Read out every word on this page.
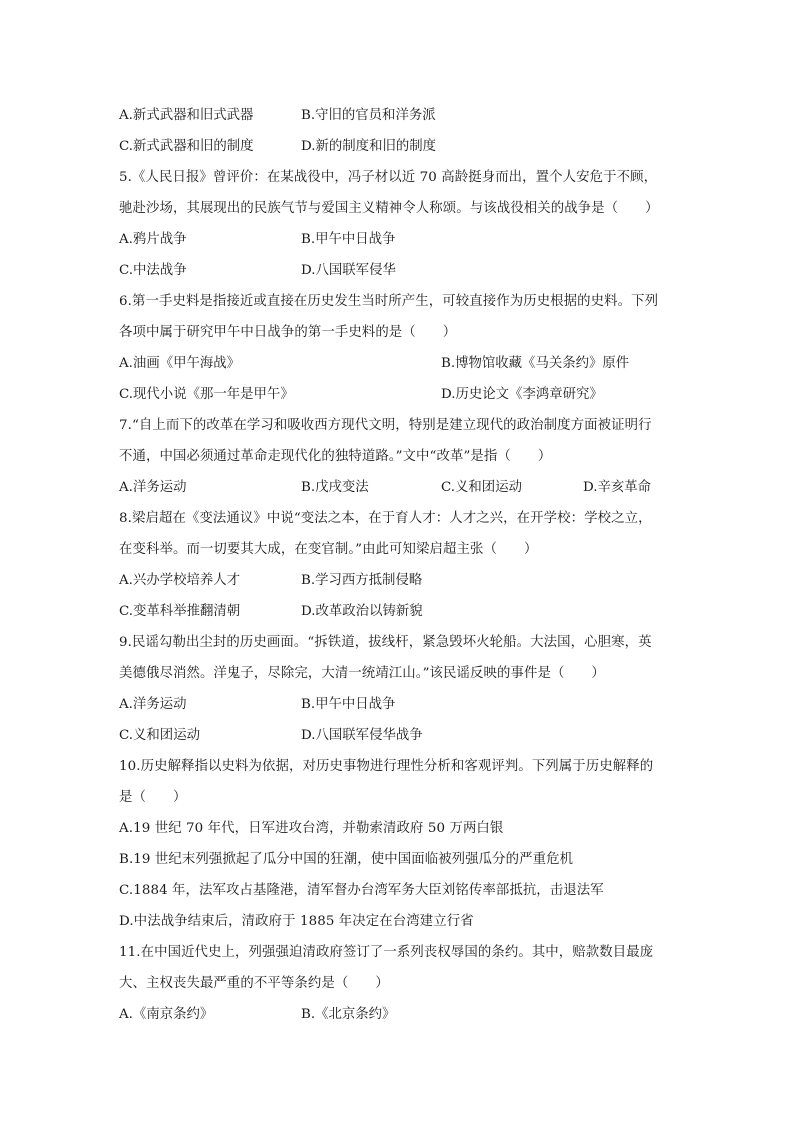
A.新式武器和旧式武器	B.守旧的官员和洋务派
C.新式武器和旧的制度	D.新的制度和旧的制度
5.《人民日报》曾评价：在某战役中，冯子材以近 70 高龄挺身而出，置个人安危于不顾，
驰赴沙场，其展现出的民族气节与爱国主义精神令人称颂。与该战役相关的战争是（　　）
A.鸦片战争	B.甲午中日战争
C.中法战争	D.八国联军侵华
6.第一手史料是指接近或直接在历史发生当时所产生，可较直接作为历史根据的史料。下列
各项中属于研究甲午中日战争的第一手史料的是（　　）
A.油画《甲午海战》	B.博物馆收藏《马关条约》原件
C.现代小说《那一年是甲午》	D.历史论文《李鸿章研究》
7.“自上而下的改革在学习和吸收西方现代文明，特别是建立现代的政治制度方面被证明行
不通，中国必须通过革命走现代化的独特道路。”文中“改革”是指（　　）
A.洋务运动	B.戊戌变法	C.义和团运动	D.辛亥革命
8.梁启超在《变法通议》中说“变法之本，在于育人才：人才之兴，在开学校：学校之立，
在变科举。而一切要其大成，在变官制。”由此可知梁启超主张（　　）
A.兴办学校培养人才	B.学习西方抵制侵略
C.变革科举推翻清朝	D.改革政治以铸新貌
9.民谣勾勒出尘封的历史画面。“拆铁道，拔线杆，紧急毁坏火轮船。大法国，心胆寒，英
美德俄尽消然。洋鬼子，尽除完，大清一统靖江山。”该民谣反映的事件是（　　）
A.洋务运动	B.甲午中日战争
C.义和团运动	D.八国联军侵华战争
10.历史解释指以史料为依据，对历史事物进行理性分析和客观评判。下列属于历史解释的
是（　　）
A.19 世纪 70 年代，日军进攻台湾，并勒索清政府 50 万两白银
B.19 世纪末列强掀起了瓜分中国的狂潮，使中国面临被列强瓜分的严重危机
C.1884 年，法军攻占基隆港，清军督办台湾军务大臣刘铭传率部抵抗，击退法军
D.中法战争结束后，清政府于 1885 年决定在台湾建立行省
11.在中国近代史上，列强强迫清政府签订了一系列丧权辱国的条约。其中，赔款数目最庞
大、主权丧失最严重的不平等条约是（　　）
A.《南京条约》	B.《北京条约》
